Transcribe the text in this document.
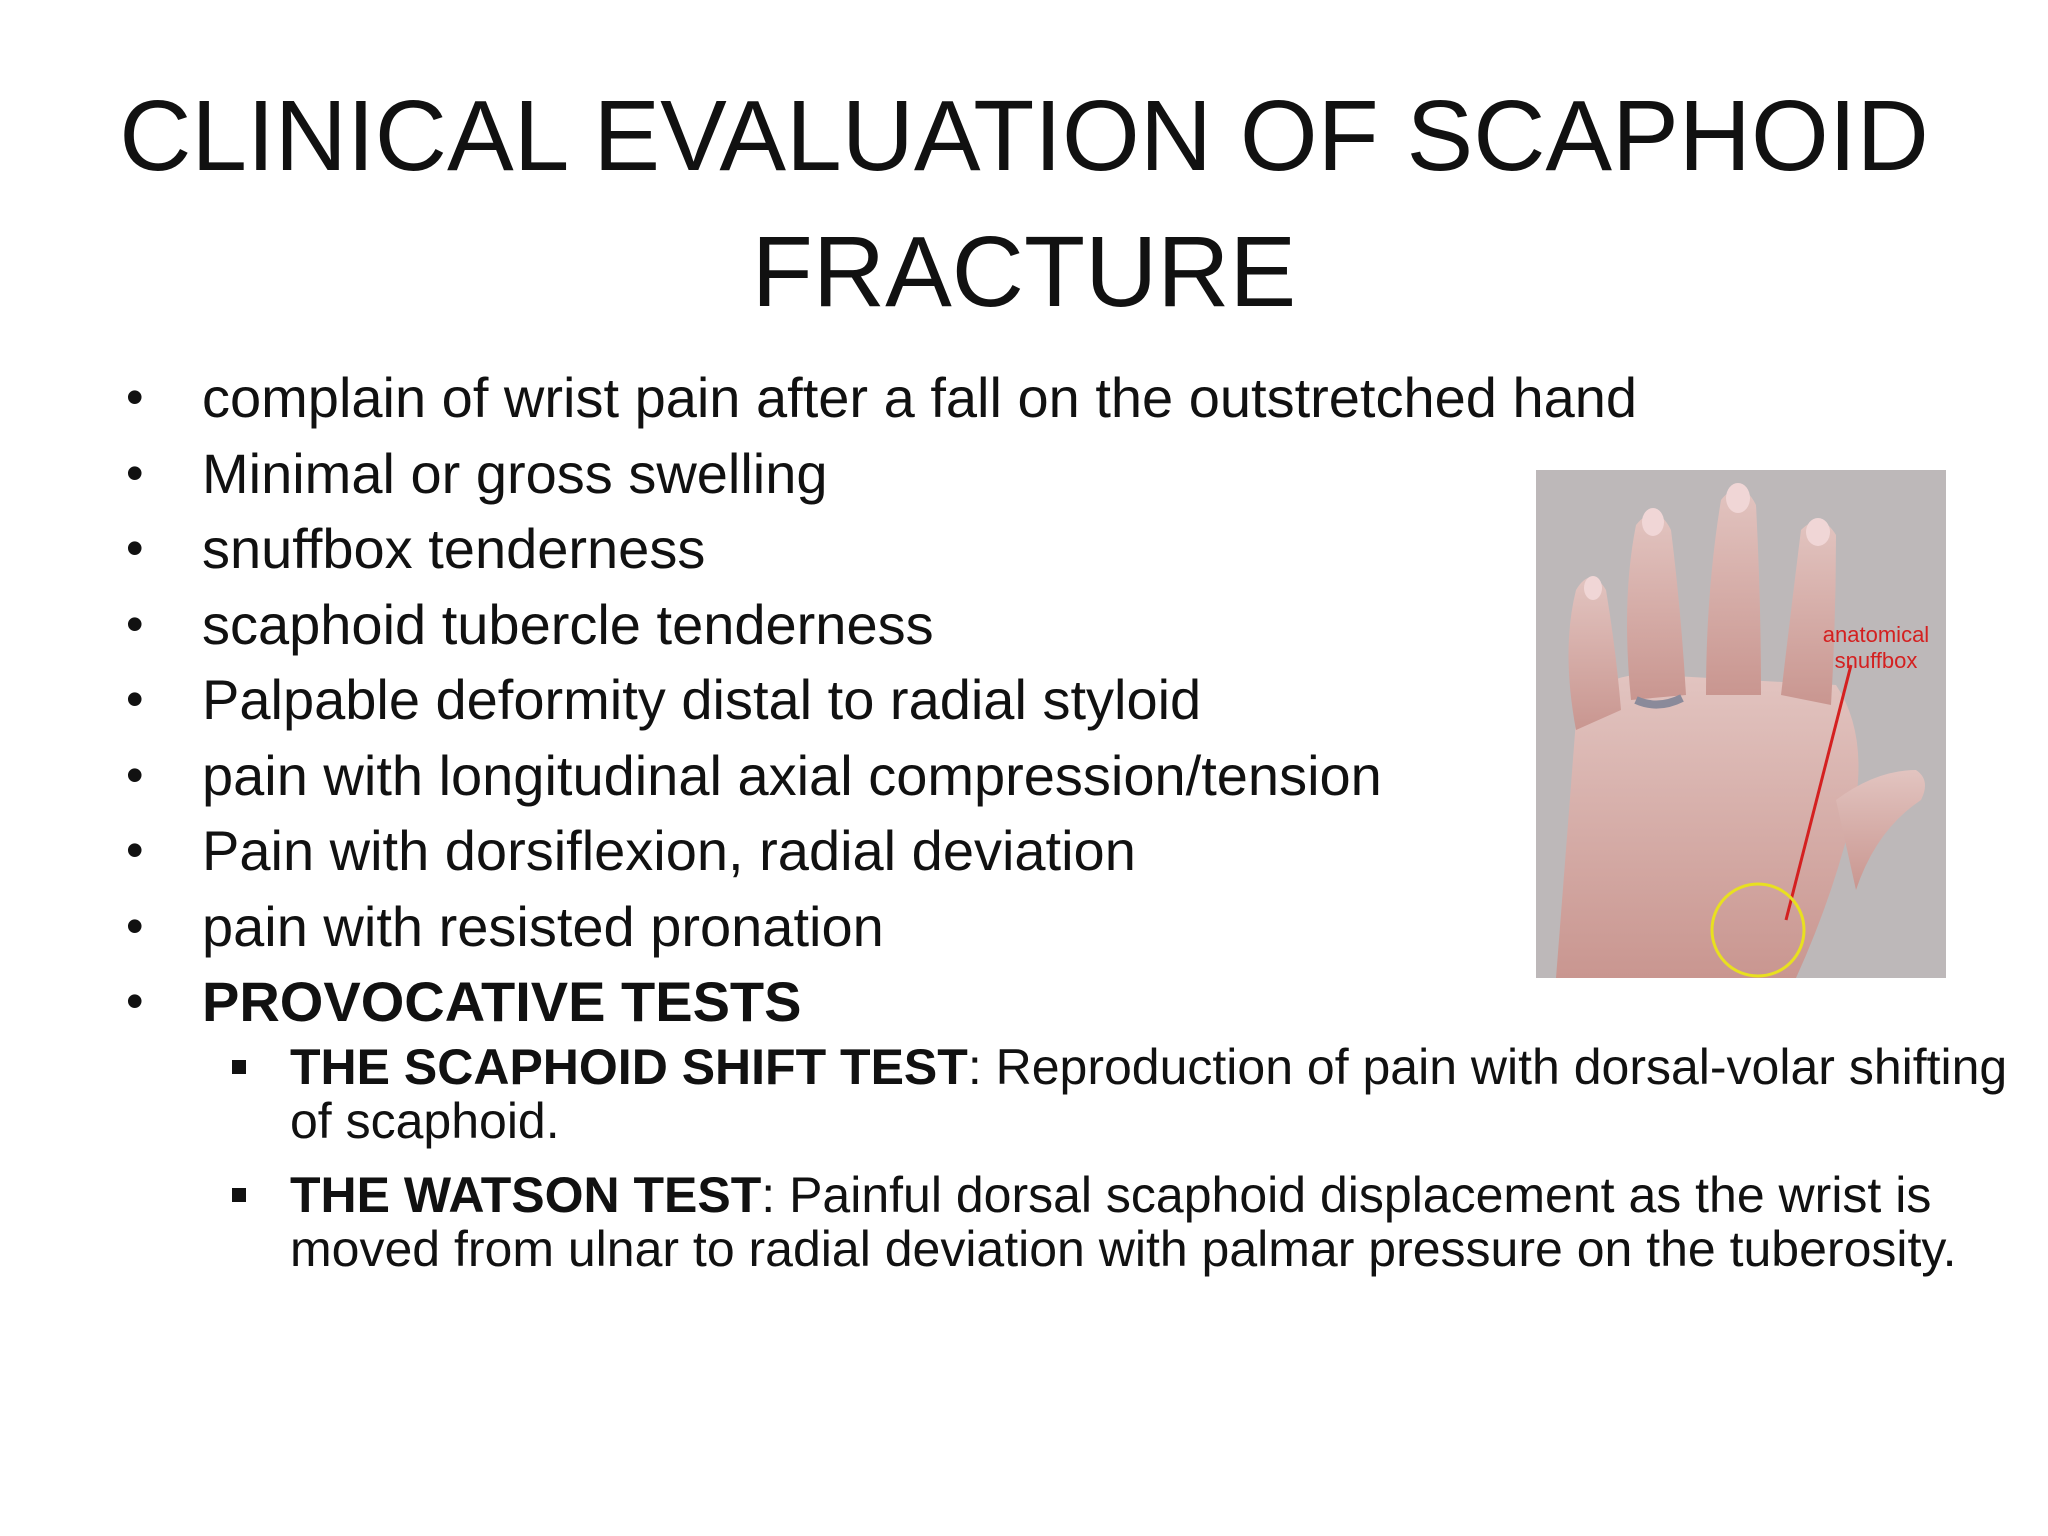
CLINICAL EVALUATION OF SCAPHOID FRACTURE
• complain of wrist pain after a fall on the outstretched hand
• Minimal or gross swelling
• snuffbox tenderness
• scaphoid tubercle tenderness
• Palpable deformity distal to radial styloid
• pain with longitudinal axial compression/tension
• Pain with dorsiflexion, radial deviation
• pain with resisted pronation
• PROVOCATIVE TESTS
THE SCAPHOID SHIFT TEST: Reproduction of pain with dorsal-volar shifting of scaphoid.
THE WATSON TEST: Painful dorsal scaphoid displacement as the wrist is moved from ulnar to radial deviation with palmar pressure on the tuberosity.
anatomical
snuffbox
